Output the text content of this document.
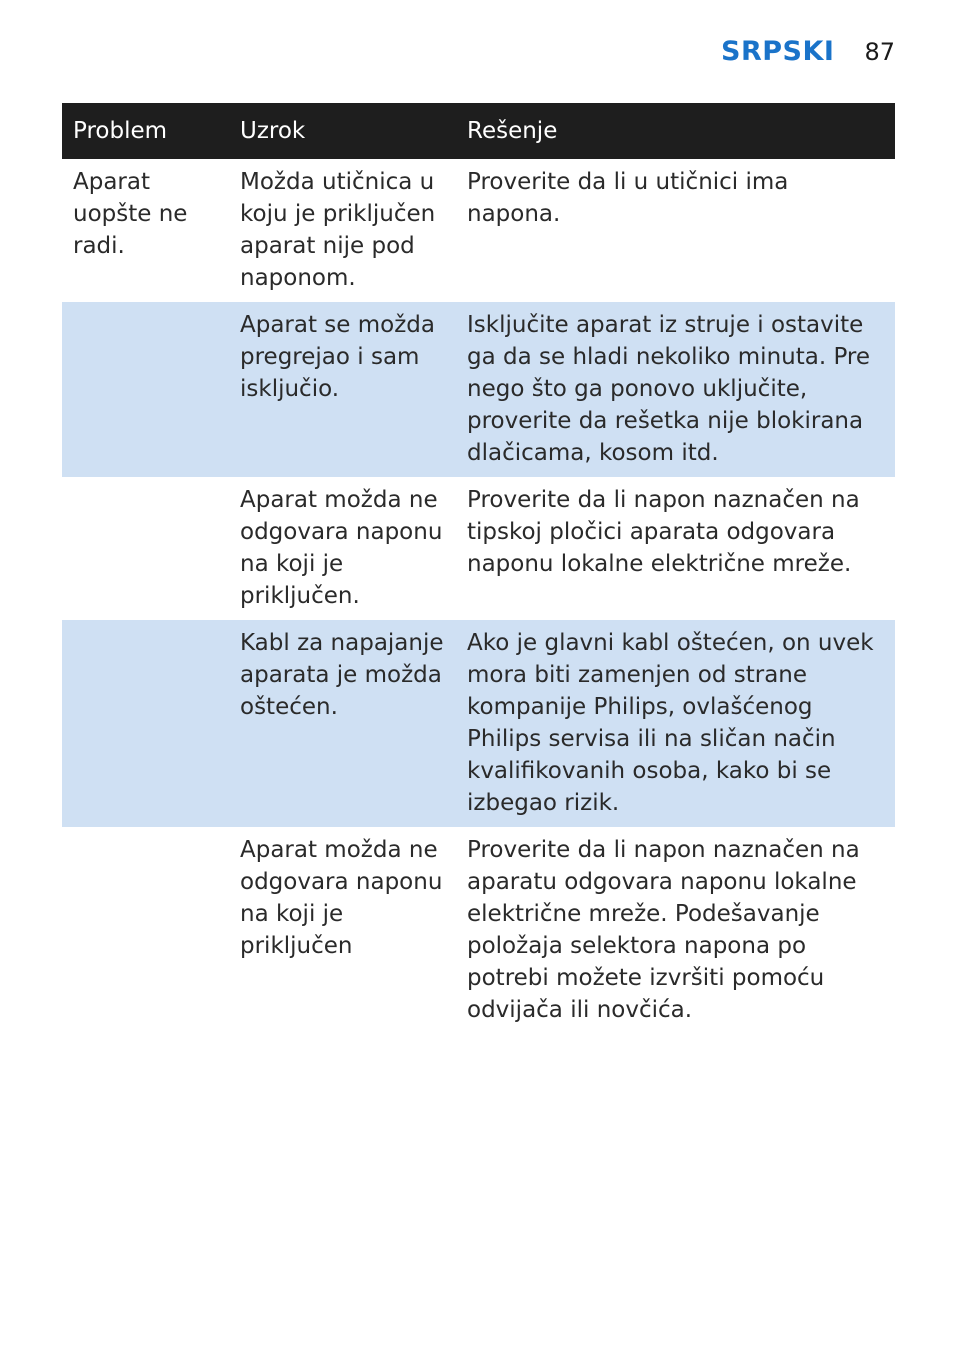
SRPSKI 87
Problem	Uzrok	Rešenje
Aparat uopšte ne radi.	Možda utičnica u koju je priključen aparat nije pod naponom.	Proverite da li u utičnici ima napona.
	Aparat se možda pregrejao i sam isključio.	Isključite aparat iz struje i ostavite ga da se hladi nekoliko minuta. Pre nego što ga ponovo uključite, proverite da rešetka nije blokirana dlačicama, kosom itd.
	Aparat možda ne odgovara naponu na koji je priključen.	Proverite da li napon naznačen na tipskoj pločici aparata odgovara naponu lokalne električne mreže.
	Kabl za napajanje aparata je možda oštećen.	Ako je glavni kabl oštećen, on uvek mora biti zamenjen od strane kompanije Philips, ovlašćenog Philips servisa ili na sličan način kvalifikovanih osoba, kako bi se izbegao rizik.
	Aparat možda ne odgovara naponu na koji je priključen	Proverite da li napon naznačen na aparatu odgovara naponu lokalne električne mreže. Podešavanje položaja selektora napona po potrebi možete izvršiti pomoću odvijača ili novčića.
